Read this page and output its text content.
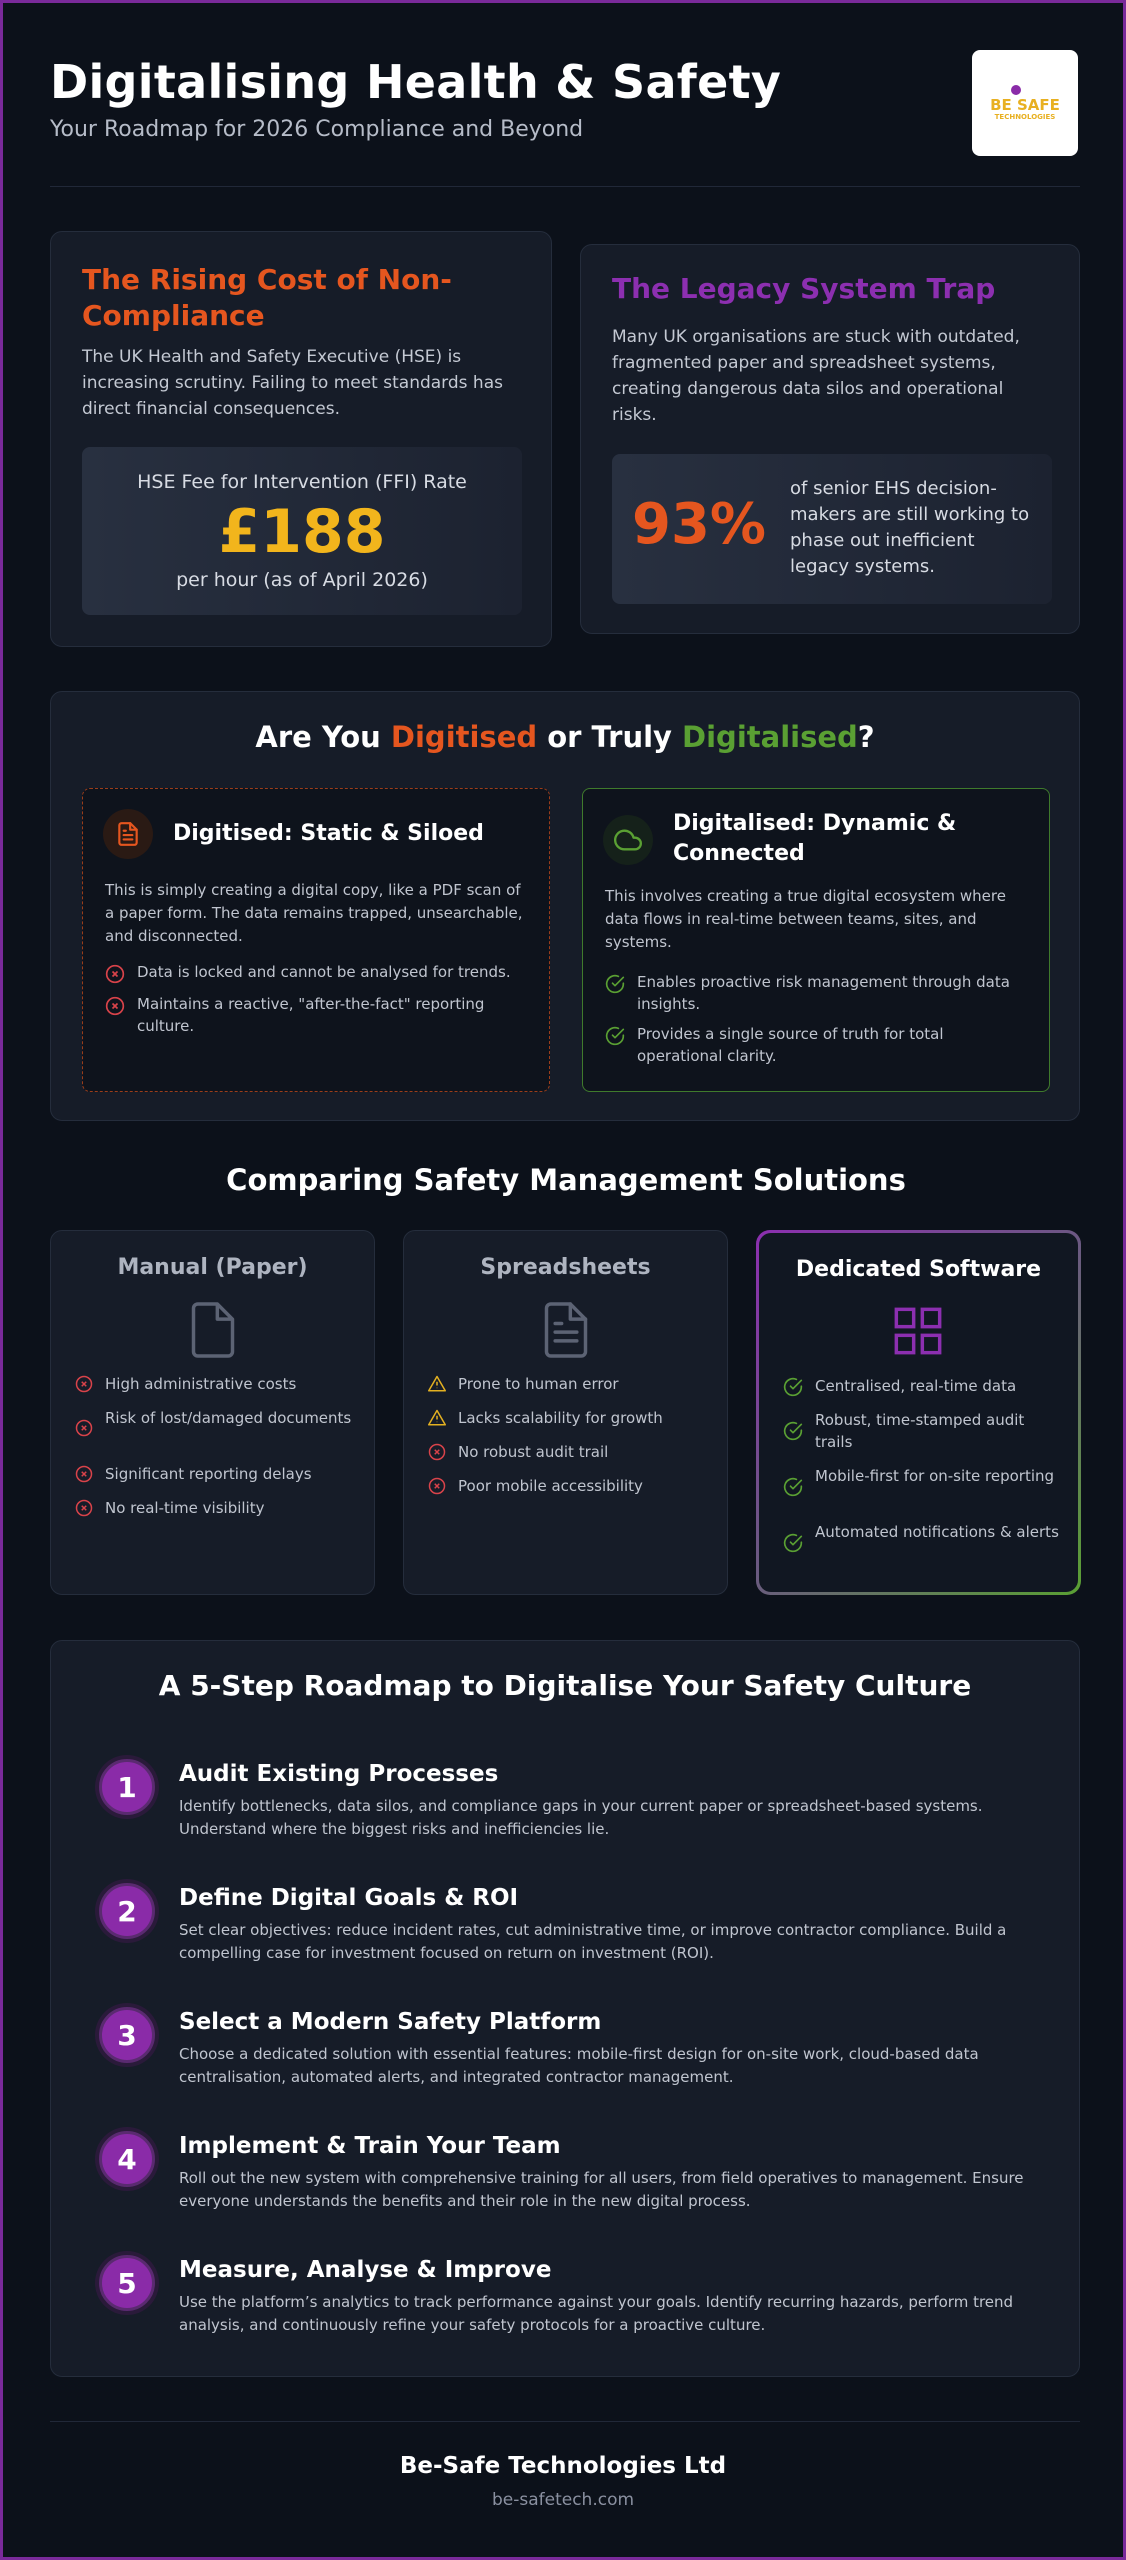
Digitalising Health & Safety
Your Roadmap for 2026 Compliance and Beyond
BE SAFE
TECHNOLOGIES
The Rising Cost of Non-Compliance

The UK Health and Safety Executive (HSE) is increasing scrutiny. Failing to meet standards has direct financial consequences.

HSE Fee for Intervention (FFI) Rate
£188
per hour (as of April 2026)
The Legacy System Trap

Many UK organisations are stuck with outdated, fragmented paper and spreadsheet systems, creating dangerous data silos and operational risks.

93%
of senior EHS decision-makers are still working to phase out inefficient legacy systems.
Are You Digitised or Truly Digitalised?
Digitised: Static & Siloed
This is simply creating a digital copy, like a PDF scan of a paper form. The data remains trapped, unsearchable, and disconnected.
Data is locked and cannot be analysed for trends.
Maintains a reactive, "after-the-fact" reporting culture.
Digitalised: Dynamic & Connected
This involves creating a true digital ecosystem where data flows in real-time between teams, sites, and systems.
Enables proactive risk management through data insights.
Provides a single source of truth for total operational clarity.
Comparing Safety Management Solutions
Manual (Paper)
High administrative costs
Risk of lost/damaged documents
Significant reporting delays
No real-time visibility
Spreadsheets
Prone to human error
Lacks scalability for growth
No robust audit trail
Poor mobile accessibility
Dedicated Software
Centralised, real-time data
Robust, time-stamped audit trails
Mobile-first for on-site reporting
Automated notifications & alerts
A 5-Step Roadmap to Digitalise Your Safety Culture
1	Audit Existing Processes
Identify bottlenecks, data silos, and compliance gaps in your current paper or spreadsheet-based systems. Understand where the biggest risks and inefficiencies lie.
2	Define Digital Goals & ROI
Set clear objectives: reduce incident rates, cut administrative time, or improve contractor compliance. Build a compelling case for investment focused on return on investment (ROI).
3	Select a Modern Safety Platform
Choose a dedicated solution with essential features: mobile-first design for on-site work, cloud-based data centralisation, automated alerts, and integrated contractor management.
4	Implement & Train Your Team
Roll out the new system with comprehensive training for all users, from field operatives to management. Ensure everyone understands the benefits and their role in the new digital process.
5	Measure, Analyse & Improve
Use the platform’s analytics to track performance against your goals. Identify recurring hazards, perform trend analysis, and continuously refine your safety protocols for a proactive culture.
Be-Safe Technologies Ltd
be-safetech.com
